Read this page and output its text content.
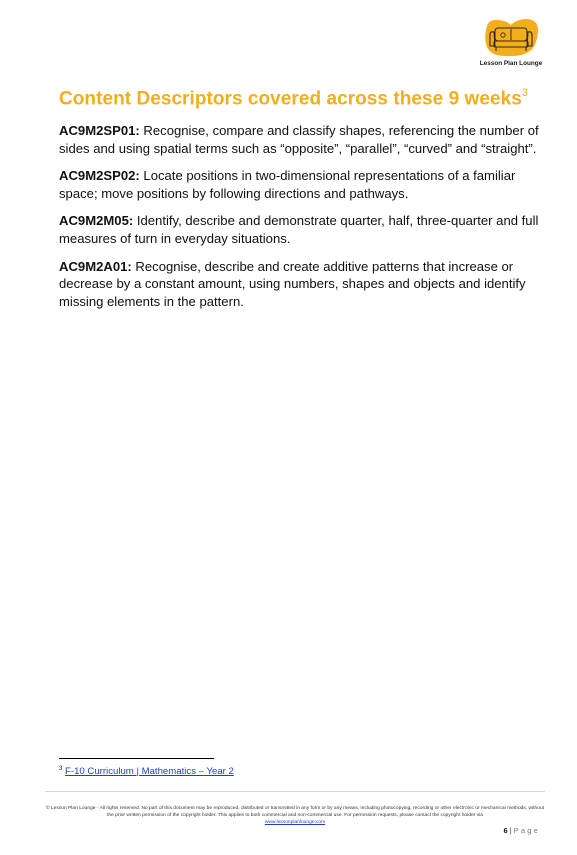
Lesson Plan Lounge
Content Descriptors covered across these 9 weeks$^3$

AC9M2SP01: Recognise, compare and classify shapes, referencing the number of sides and using spatial terms such as “opposite”, “parallel”, “curved” and “straight”.

AC9M2SP02: Locate positions in two-dimensional representations of a familiar space; move positions by following directions and pathways.

AC9M2M05: Identify, describe and demonstrate quarter, half, three-quarter and full measures of turn in everyday situations.

AC9M2A01: Recognise, describe and create additive patterns that increase or decrease by a constant amount, using numbers, shapes and objects and identify missing elements in the pattern.

$^3$ F-10 Curriculum | Mathematics – Year 2
© Lesson Plan Lounge - All rights reserved. No part of this document may be reproduced, distributed or transmitted in any form or by any means, including photocopying, recording or other electronic or mechanical methods, without the prior written permission of the copyright holder. This applies to both commercial and non-commercial use. For permission requests, please contact the copyright holder via
www.lessonplanlounge.com
6 | Page
